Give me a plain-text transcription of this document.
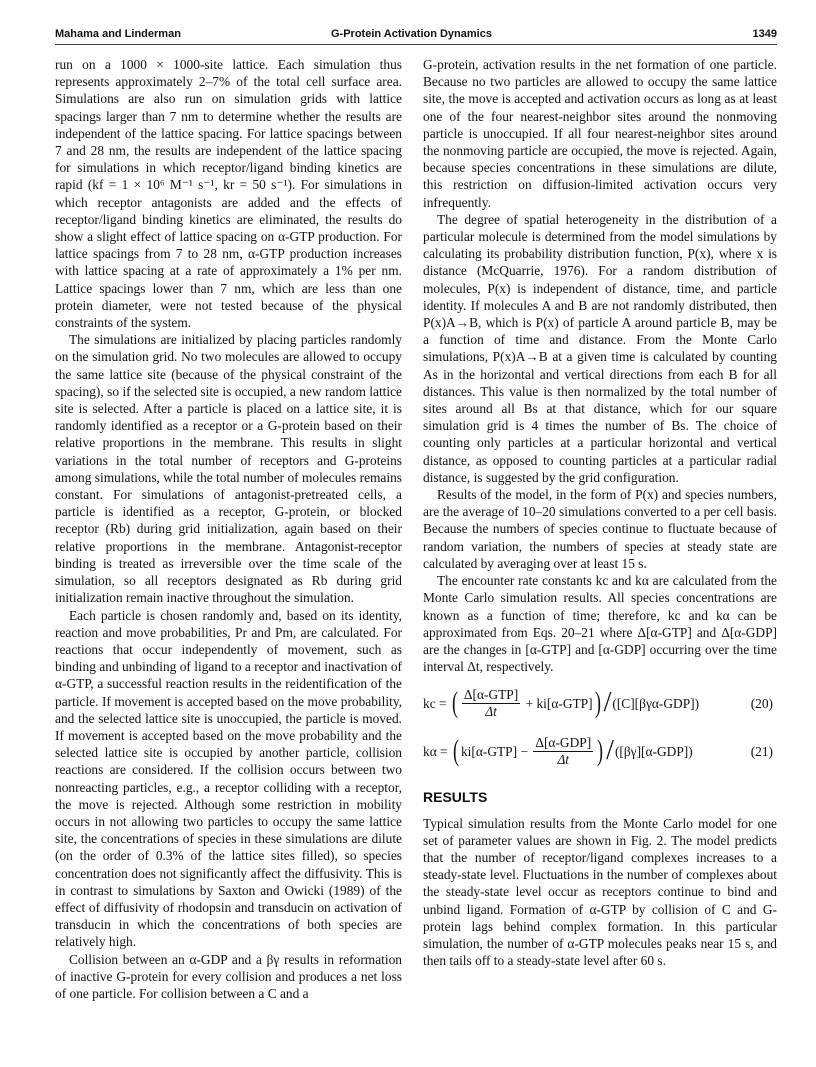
Mahama and Linderman	G-Protein Activation Dynamics	1349

run on a 1000 × 1000-site lattice. Each simulation thus represents approximately 2–7% of the total cell surface area. Simulations are also run on simulation grids with lattice spacings larger than 7 nm to determine whether the results are independent of the lattice spacing. For lattice spacings between 7 and 28 nm, the results are independent of the lattice spacing for simulations in which receptor/ligand binding kinetics are rapid (kf = 1 × 10⁶ M⁻¹ s⁻¹, kr = 50 s⁻¹). For simulations in which receptor antagonists are added and the effects of receptor/ligand binding kinetics are eliminated, the results do show a slight effect of lattice spacing on α-GTP production. For lattice spacings from 7 to 28 nm, α-GTP production increases with lattice spacing at a rate of approximately a 1% per nm. Lattice spacings lower than 7 nm, which are less than one protein diameter, were not tested because of the physical constraints of the system.

The simulations are initialized by placing particles randomly on the simulation grid. No two molecules are allowed to occupy the same lattice site (because of the physical constraint of the spacing), so if the selected site is occupied, a new random lattice site is selected. After a particle is placed on a lattice site, it is randomly identified as a receptor or a G-protein based on their relative proportions in the membrane. This results in slight variations in the total number of receptors and G-proteins among simulations, while the total number of molecules remains constant. For simulations of antagonist-pretreated cells, a particle is identified as a receptor, G-protein, or blocked receptor (Rb) during grid initialization, again based on their relative proportions in the membrane. Antagonist-receptor binding is treated as irreversible over the time scale of the simulation, so all receptors designated as Rb during grid initialization remain inactive throughout the simulation.

Each particle is chosen randomly and, based on its identity, reaction and move probabilities, Pr and Pm, are calculated. For reactions that occur independently of movement, such as binding and unbinding of ligand to a receptor and inactivation of α-GTP, a successful reaction results in the reidentification of the particle. If movement is accepted based on the move probability, and the selected lattice site is unoccupied, the particle is moved. If movement is accepted based on the move probability and the selected lattice site is occupied by another particle, collision reactions are considered. If the collision occurs between two nonreacting particles, e.g., a receptor colliding with a receptor, the move is rejected. Although some restriction in mobility occurs in not allowing two particles to occupy the same lattice site, the concentrations of species in these simulations are dilute (on the order of 0.3% of the lattice sites filled), so species concentration does not significantly affect the diffusivity. This is in contrast to simulations by Saxton and Owicki (1989) of the effect of diffusivity of rhodopsin and transducin on activation of transducin in which the concentrations of both species are relatively high.

Collision between an α-GDP and a βγ results in reformation of inactive G-protein for every collision and produces a net loss of one particle. For collision between a C and a

G-protein, activation results in the net formation of one particle. Because no two particles are allowed to occupy the same lattice site, the move is accepted and activation occurs as long as at least one of the four nearest-neighbor sites around the nonmoving particle is unoccupied. If all four nearest-neighbor sites around the nonmoving particle are occupied, the move is rejected. Again, because species concentrations in these simulations are dilute, this restriction on diffusion-limited activation occurs very infrequently.

The degree of spatial heterogeneity in the distribution of a particular molecule is determined from the model simulations by calculating its probability distribution function, P(x), where x is distance (McQuarrie, 1976). For a random distribution of molecules, P(x) is independent of distance, time, and particle identity. If molecules A and B are not randomly distributed, then P(x)A→B, which is P(x) of particle A around particle B, may be a function of time and distance. From the Monte Carlo simulations, P(x)A→B at a given time is calculated by counting As in the horizontal and vertical directions from each B for all distances. This value is then normalized by the total number of sites around all Bs at that distance, which for our square simulation grid is 4 times the number of Bs. The choice of counting only particles at a particular horizontal and vertical distance, as opposed to counting particles at a particular radial distance, is suggested by the grid configuration.

Results of the model, in the form of P(x) and species numbers, are the average of 10–20 simulations converted to a per cell basis. Because the numbers of species continue to fluctuate because of random variation, the numbers of species at steady state are calculated by averaging over at least 15 s.

The encounter rate constants kc and kα are calculated from the Monte Carlo simulation results. All species concentrations are known as a function of time; therefore, kc and kα can be approximated from Eqs. 20–21 where Δ[α-GTP] and Δ[α-GDP] are the changes in [α-GTP] and [α-GDP] occurring over the time interval Δt, respectively.

kc =
( $\frac{\text{Δ[α-GTP]}}{\Delta t}$
+ ki[α-GTP] ) / ([C][βγα-GDP])	(20)
kα =
( ki[α-GTP] −
$\frac{\text{Δ[α-GDP]}}{\Delta t}$ ) / ([βγ][α-GDP])	(21)
RESULTS

Typical simulation results from the Monte Carlo model for one set of parameter values are shown in Fig. 2. The model predicts that the number of receptor/ligand complexes increases to a steady-state level. Fluctuations in the number of complexes about the steady-state level occur as receptors continue to bind and unbind ligand. Formation of α-GTP by collision of C and G-protein lags behind complex formation. In this particular simulation, the number of α-GTP molecules peaks near 15 s, and then tails off to a steady-state level after 60 s.
